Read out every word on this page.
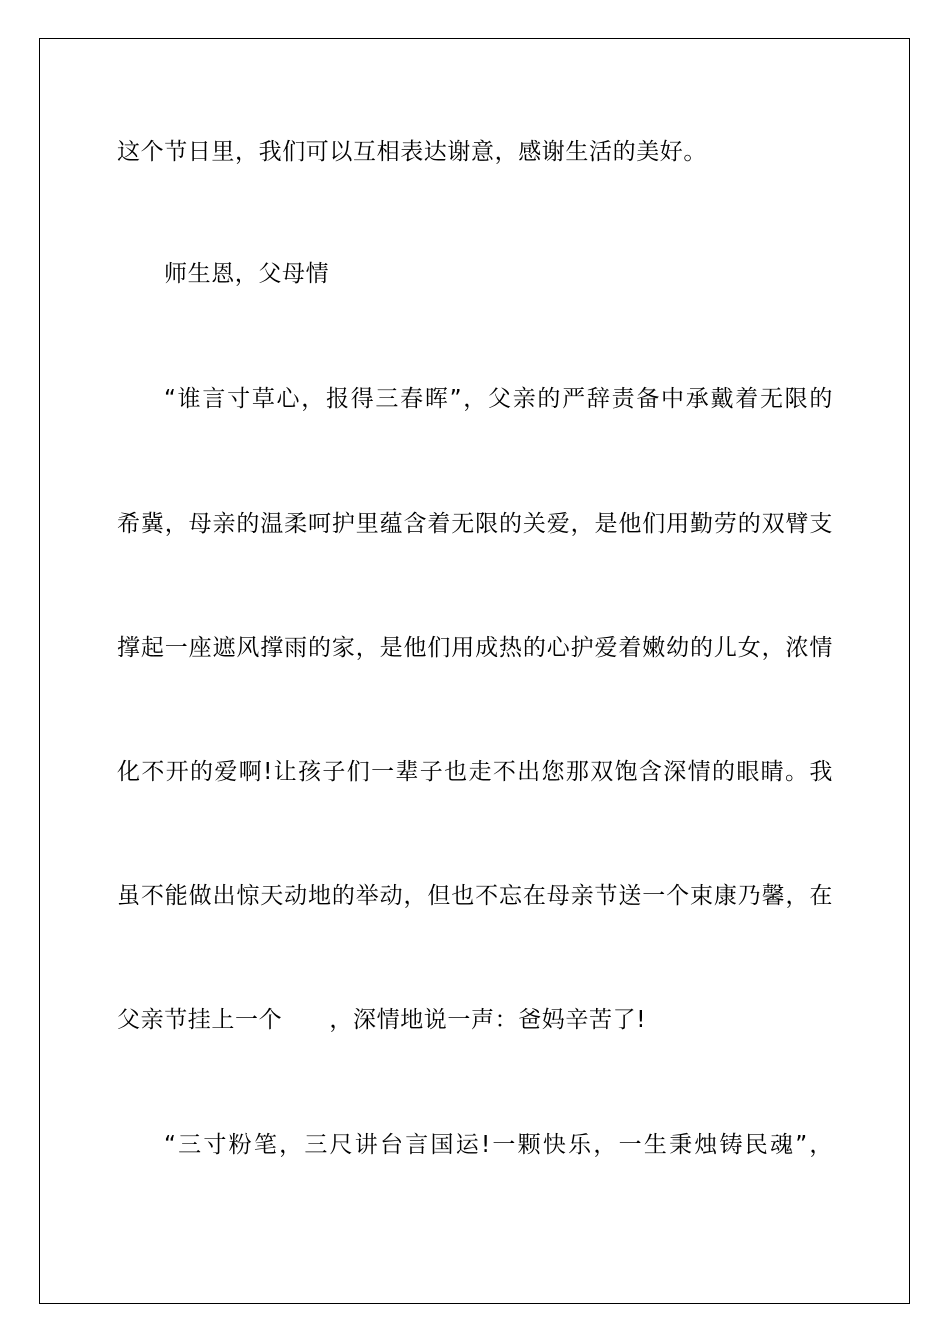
这个节日里，我们可以互相表达谢意，感谢生活的美好。
师生恩，父母情
“谁言寸草心，报得三春晖”，父亲的严辞责备中承戴着无限的
希冀，母亲的温柔呵护里蕴含着无限的关爱，是他们用勤劳的双臂支
撑起一座遮风撑雨的家，是他们用成热的心护爱着嫩幼的儿女，浓情
化不开的爱啊!让孩子们一辈子也走不出您那双饱含深情的眼睛。我
虽不能做出惊天动地的举动，但也不忘在母亲节送一个束康乃馨，在
父亲节挂上一个　　，深情地说一声：爸妈辛苦了!
“三寸粉笔，三尺讲台言国运!一颗快乐，一生秉烛铸民魂”，
